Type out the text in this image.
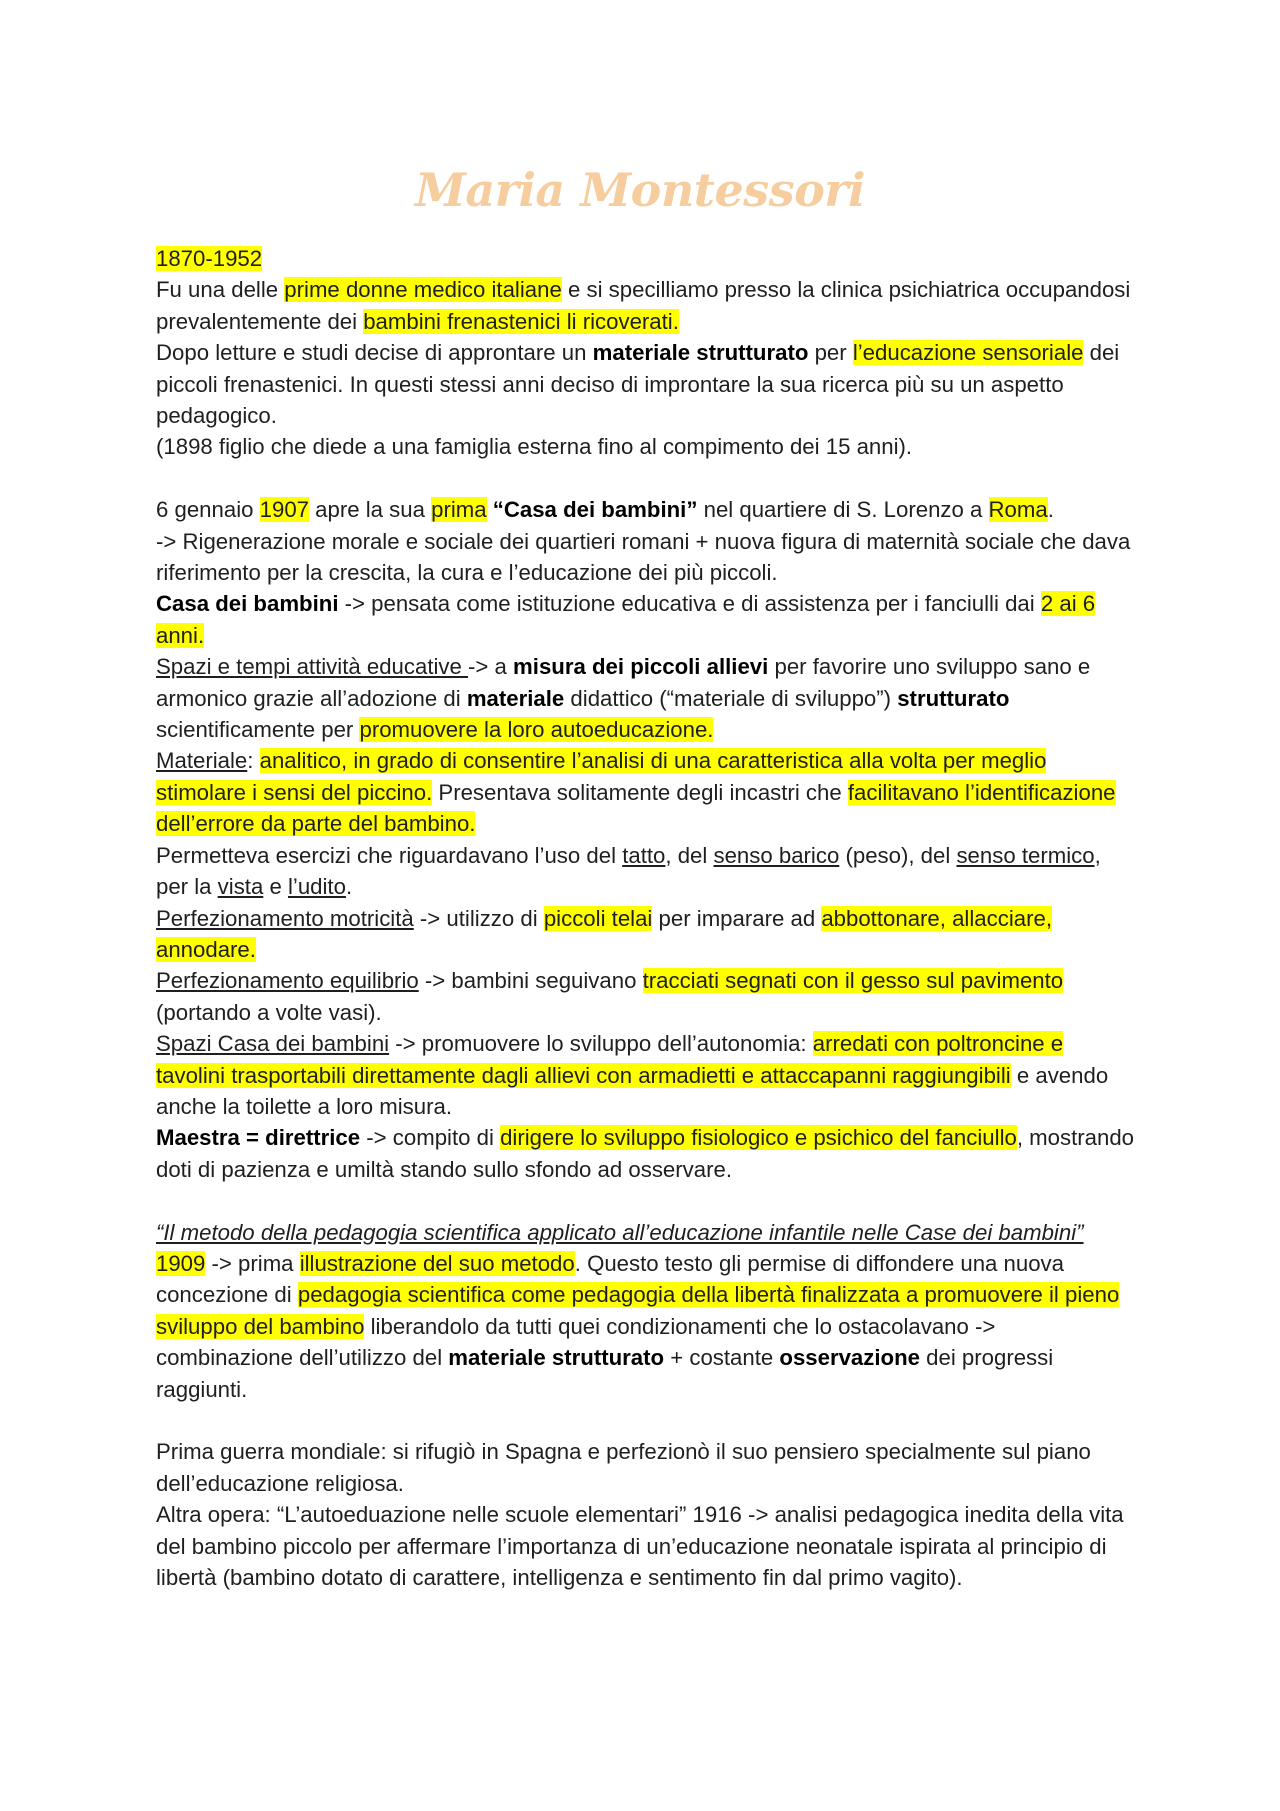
Maria Montessori

1870-1952

Fu una delle prime donne medico italiane e si specilliamo presso la clinica psichiatrica occupandosi prevalentemente dei bambini frenastenici li ricoverati.

Dopo letture e studi decise di approntare un materiale strutturato per l’educazione sensoriale dei piccoli frenastenici. In questi stessi anni deciso di improntare la sua ricerca più su un aspetto pedagogico.

(1898 figlio che diede a una famiglia esterna fino al compimento dei 15 anni).

6 gennaio 1907 apre la sua prima “Casa dei bambini” nel quartiere di S. Lorenzo a Roma.

-> Rigenerazione morale e sociale dei quartieri romani + nuova figura di maternità sociale che dava riferimento per la crescita, la cura e l’educazione dei più piccoli.

Casa dei bambini -> pensata come istituzione educativa e di assistenza per i fanciulli dai 2 ai 6 anni.

Spazi e tempi attività educative -> a misura dei piccoli allievi per favorire uno sviluppo sano e armonico grazie all’adozione di materiale didattico (“materiale di sviluppo”) strutturato scientificamente per promuovere la loro autoeducazione.

Materiale: analitico, in grado di consentire l’analisi di una caratteristica alla volta per meglio stimolare i sensi del piccino. Presentava solitamente degli incastri che facilitavano l’identificazione dell’errore da parte del bambino.

Permetteva esercizi che riguardavano l’uso del tatto, del senso barico (peso), del senso termico, per la vista e l’udito.

Perfezionamento motricità -> utilizzo di piccoli telai per imparare ad abbottonare, allacciare, annodare.

Perfezionamento equilibrio -> bambini seguivano tracciati segnati con il gesso sul pavimento (portando a volte vasi).

Spazi Casa dei bambini -> promuovere lo sviluppo dell’autonomia: arredati con poltroncine e tavolini trasportabili direttamente dagli allievi con armadietti e attaccapanni raggiungibili e avendo anche la toilette a loro misura.

Maestra = direttrice -> compito di dirigere lo sviluppo fisiologico e psichico del fanciullo, mostrando doti di pazienza e umiltà stando sullo sfondo ad osservare.

“Il metodo della pedagogia scientifica applicato all’educazione infantile nelle Case dei bambini” 1909 -> prima illustrazione del suo metodo. Questo testo gli permise di diffondere una nuova concezione di pedagogia scientifica come pedagogia della libertà finalizzata a promuovere il pieno sviluppo del bambino liberandolo da tutti quei condizionamenti che lo ostacolavano -> combinazione dell’utilizzo del materiale strutturato + costante osservazione dei progressi raggiunti.

Prima guerra mondiale: si rifugiò in Spagna e perfezionò il suo pensiero specialmente sul piano dell’educazione religiosa.

Altra opera: “L’autoeduazione nelle scuole elementari” 1916 -> analisi pedagogica inedita della vita del bambino piccolo per affermare l’importanza di un’educazione neonatale ispirata al principio di libertà (bambino dotato di carattere, intelligenza e sentimento fin dal primo vagito).
